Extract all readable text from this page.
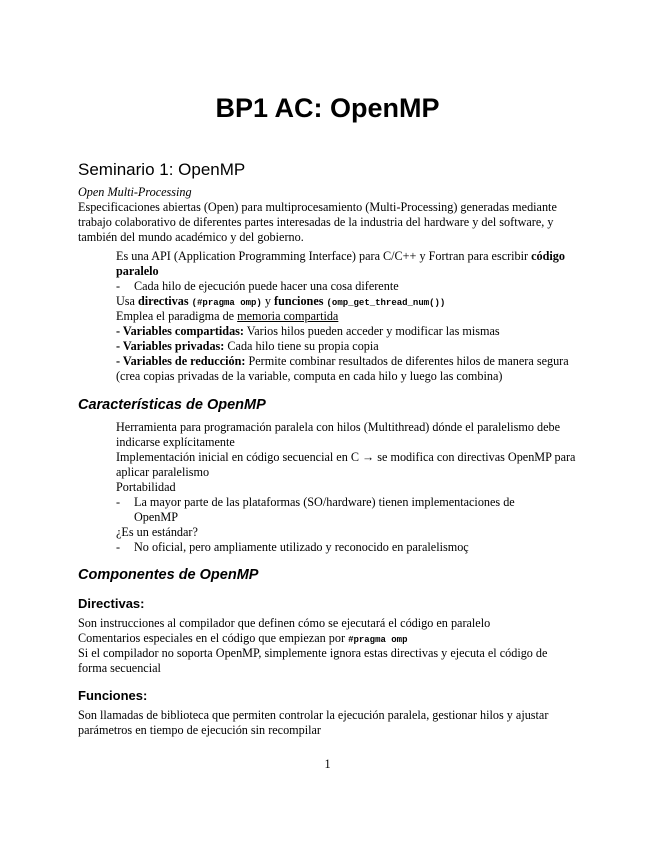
BP1 AC: OpenMP
Seminario 1: OpenMP

Open Multi-Processing

Especificaciones abiertas (Open) para multiprocesamiento (Multi-Processing) generadas mediante trabajo colaborativo de diferentes partes interesadas de la industria del hardware y del software, y también del mundo académico y del gobierno.

Es una API (Application Programming Interface) para C/C++ y Fortran para escribir código paralelo

- Cada hilo de ejecución puede hacer una cosa diferente

Usa directivas (#pragma omp) y funciones (omp_get_thread_num())

Emplea el paradigma de memoria compartida

- Variables compartidas: Varios hilos pueden acceder y modificar las mismas

- Variables privadas: Cada hilo tiene su propia copia

- Variables de reducción: Permite combinar resultados de diferentes hilos de manera segura (crea copias privadas de la variable, computa en cada hilo y luego las combina)

Características de OpenMP

Herramienta para programación paralela con hilos (Multithread) dónde el paralelismo debe indicarse explícitamente

Implementación inicial en código secuencial en C → se modifica con directivas OpenMP para aplicar paralelismo

Portabilidad

- La mayor parte de las plataformas (SO/hardware) tienen implementaciones de OpenMP

¿Es un estándar?

- No oficial, pero ampliamente utilizado y reconocido en paralelismoç

Componentes de OpenMP
Directivas:

Son instrucciones al compilador que definen cómo se ejecutará el código en paralelo

Comentarios especiales en el código que empiezan por #pragma omp

Si el compilador no soporta OpenMP, simplemente ignora estas directivas y ejecuta el código de forma secuencial

Funciones:

Son llamadas de biblioteca que permiten controlar la ejecución paralela, gestionar hilos y ajustar parámetros en tiempo de ejecución sin recompilar

1
